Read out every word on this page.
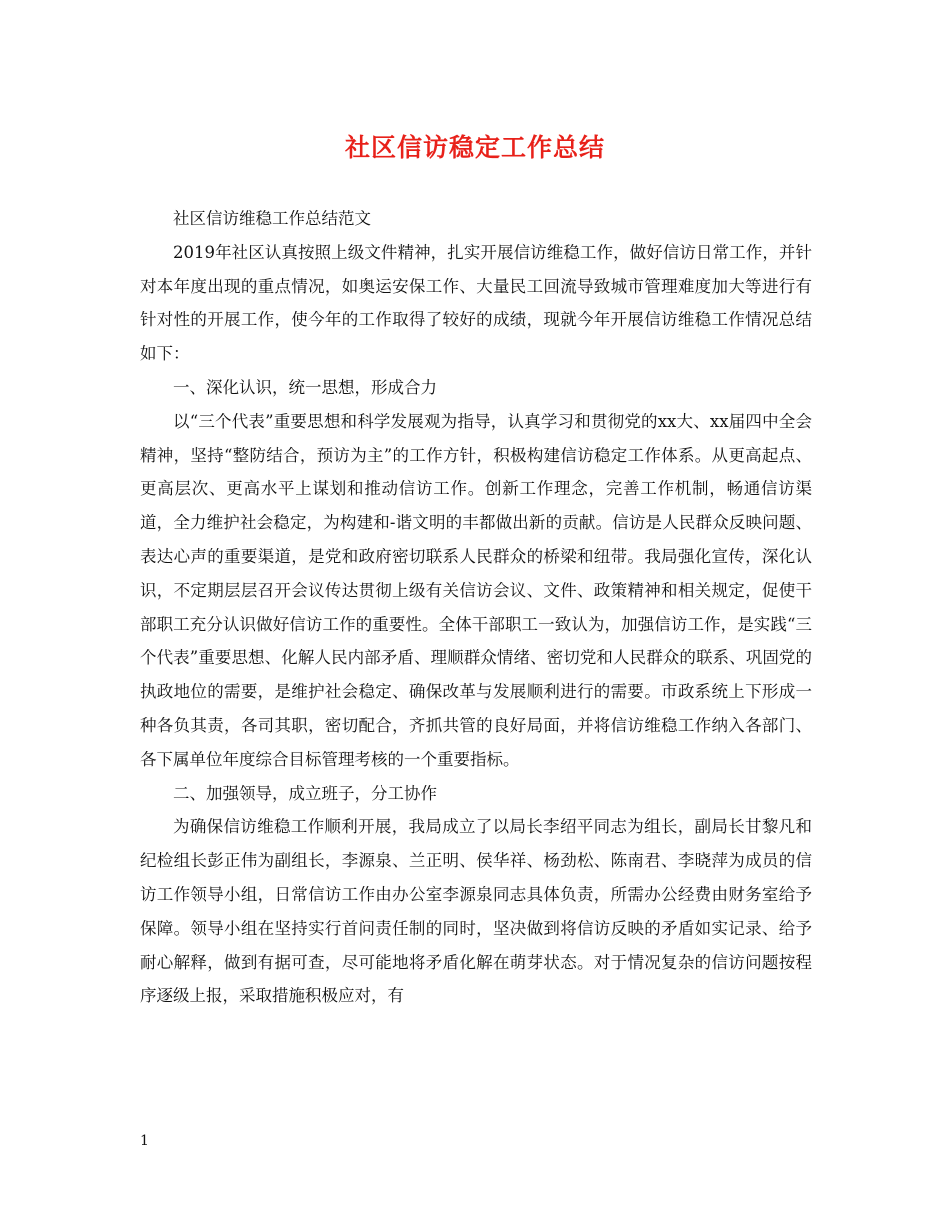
社区信访稳定工作总结

社区信访维稳工作总结范文

2019年社区认真按照上级文件精神，扎实开展信访维稳工作，做好信访日常工作，并针对本年度出现的重点情况，如奥运安保工作、大量民工回流导致城市管理难度加大等进行有针对性的开展工作，使今年的工作取得了较好的成绩，现就今年开展信访维稳工作情况总结如下：

一、深化认识，统一思想，形成合力

以“三个代表”重要思想和科学发展观为指导，认真学习和贯彻党的xx大、xx届四中全会精神，坚持“整防结合，预访为主”的工作方针，积极构建信访稳定工作体系。从更高起点、更高层次、更高水平上谋划和推动信访工作。创新工作理念，完善工作机制，畅通信访渠道，全力维护社会稳定，为构建和-谐文明的丰都做出新的贡献。信访是人民群众反映问题、表达心声的重要渠道，是党和政府密切联系人民群众的桥梁和纽带。我局强化宣传，深化认识，不定期层层召开会议传达贯彻上级有关信访会议、文件、政策精神和相关规定，促使干部职工充分认识做好信访工作的重要性。全体干部职工一致认为，加强信访工作，是实践“三个代表”重要思想、化解人民内部矛盾、理顺群众情绪、密切党和人民群众的联系、巩固党的执政地位的需要，是维护社会稳定、确保改革与发展顺利进行的需要。市政系统上下形成一种各负其责，各司其职，密切配合，齐抓共管的良好局面，并将信访维稳工作纳入各部门、各下属单位年度综合目标管理考核的一个重要指标。

二、加强领导，成立班子，分工协作

为确保信访维稳工作顺利开展，我局成立了以局长李绍平同志为组长，副局长甘黎凡和纪检组长彭正伟为副组长，李源泉、兰正明、侯华祥、杨劲松、陈南君、李晓萍为成员的信访工作领导小组，日常信访工作由办公室李源泉同志具体负责，所需办公经费由财务室给予保障。领导小组在坚持实行首问责任制的同时，坚决做到将信访反映的矛盾如实记录、给予耐心解释，做到有据可查，尽可能地将矛盾化解在萌芽状态。对于情况复杂的信访问题按程序逐级上报，采取措施积极应对，有

1
